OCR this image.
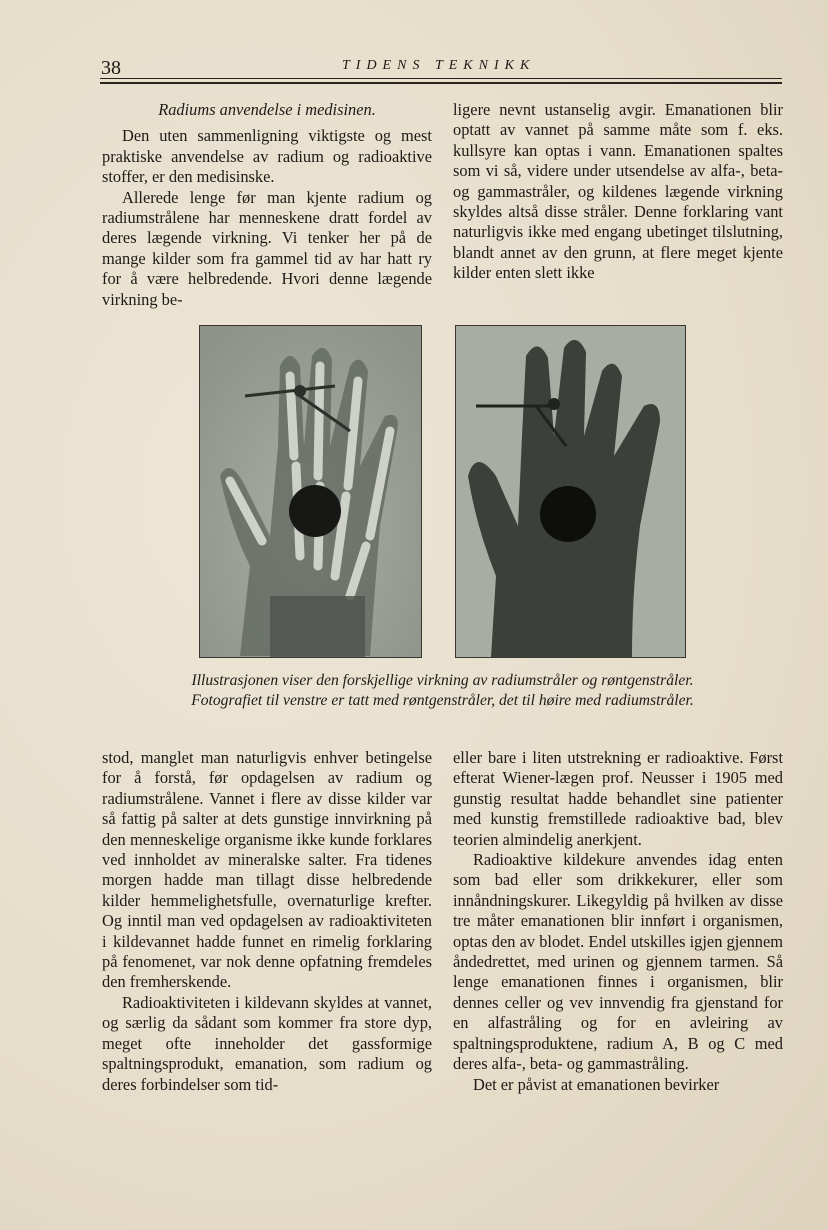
38	TIDENS TEKNIKK

Radiums anvendelse i medisinen.

Den uten sammenligning viktigste og mest praktiske anvendelse av radium og radioaktive stoffer, er den medisinske.

Allerede lenge før man kjente radium og radiumstrålene har menneskene dratt fordel av deres lægende virkning. Vi tenker her på de mange kilder som fra gammel tid av har hatt ry for å være helbredende. Hvori denne lægende virkning be-

ligere nevnt ustanselig avgir. Emanationen blir optatt av vannet på samme måte som f. eks. kullsyre kan optas i vann. Emanationen spaltes som vi så, videre under utsendelse av alfa-, beta- og gammastråler, og kildenes lægende virkning skyldes altså disse stråler. Denne forklaring vant naturligvis ikke med engang ubetinget tilslutning, blandt annet av den grunn, at flere meget kjente kilder enten slett ikke

Illustrasjonen viser den forskjellige virkning av radiumstråler og røntgenstråler. Fotografiet til venstre er tatt med røntgenstråler, det til høire med radiumstråler.

stod, manglet man naturligvis enhver betingelse for å forstå, før opdagelsen av radium og radiumstrålene. Vannet i flere av disse kilder var så fattig på salter at dets gunstige innvirkning på den menneskelige organisme ikke kunde forklares ved innholdet av mineralske salter. Fra tidenes morgen hadde man tillagt disse helbredende kilder hemmelighetsfulle, overnaturlige krefter. Og inntil man ved opdagelsen av radioaktiviteten i kildevannet hadde funnet en rimelig forklaring på fenomenet, var nok denne opfatning fremdeles den fremherskende.

Radioaktiviteten i kildevann skyldes at vannet, og særlig da sådant som kommer fra store dyp, meget ofte inneholder det gassformige spaltningsprodukt, emanation, som radium og deres forbindelser som tid-

eller bare i liten utstrekning er radioaktive. Først efterat Wiener-lægen prof. Neusser i 1905 med gunstig resultat hadde behandlet sine patienter med kunstig fremstillede radioaktive bad, blev teorien almindelig anerkjent.

Radioaktive kildekure anvendes idag enten som bad eller som drikkekurer, eller som innåndningskurer. Likegyldig på hvilken av disse tre måter emanationen blir innført i organismen, optas den av blodet. Endel utskilles igjen gjennem åndedrettet, med urinen og gjennem tarmen. Så lenge emanationen finnes i organismen, blir dennes celler og vev innvendig fra gjenstand for en alfastråling og for en avleiring av spaltningsproduktene, radium A, B og C med deres alfa-, beta- og gammastråling.

Det er påvist at emanationen bevirker
